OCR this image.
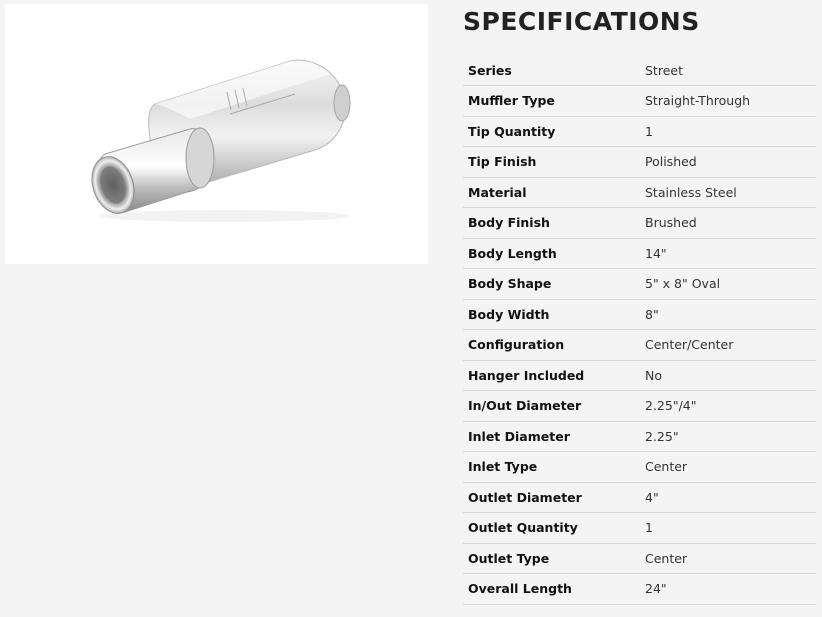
SPECIFICATIONS
Series	Street
Muffler Type	Straight-Through
Tip Quantity	1
Tip Finish	Polished
Material	Stainless Steel
Body Finish	Brushed
Body Length	14"
Body Shape	5" x 8" Oval
Body Width	8"
Configuration	Center/Center
Hanger Included	No
In/Out Diameter	2.25"/4"
Inlet Diameter	2.25"
Inlet Type	Center
Outlet Diameter	4"
Outlet Quantity	1
Outlet Type	Center
Overall Length	24"
